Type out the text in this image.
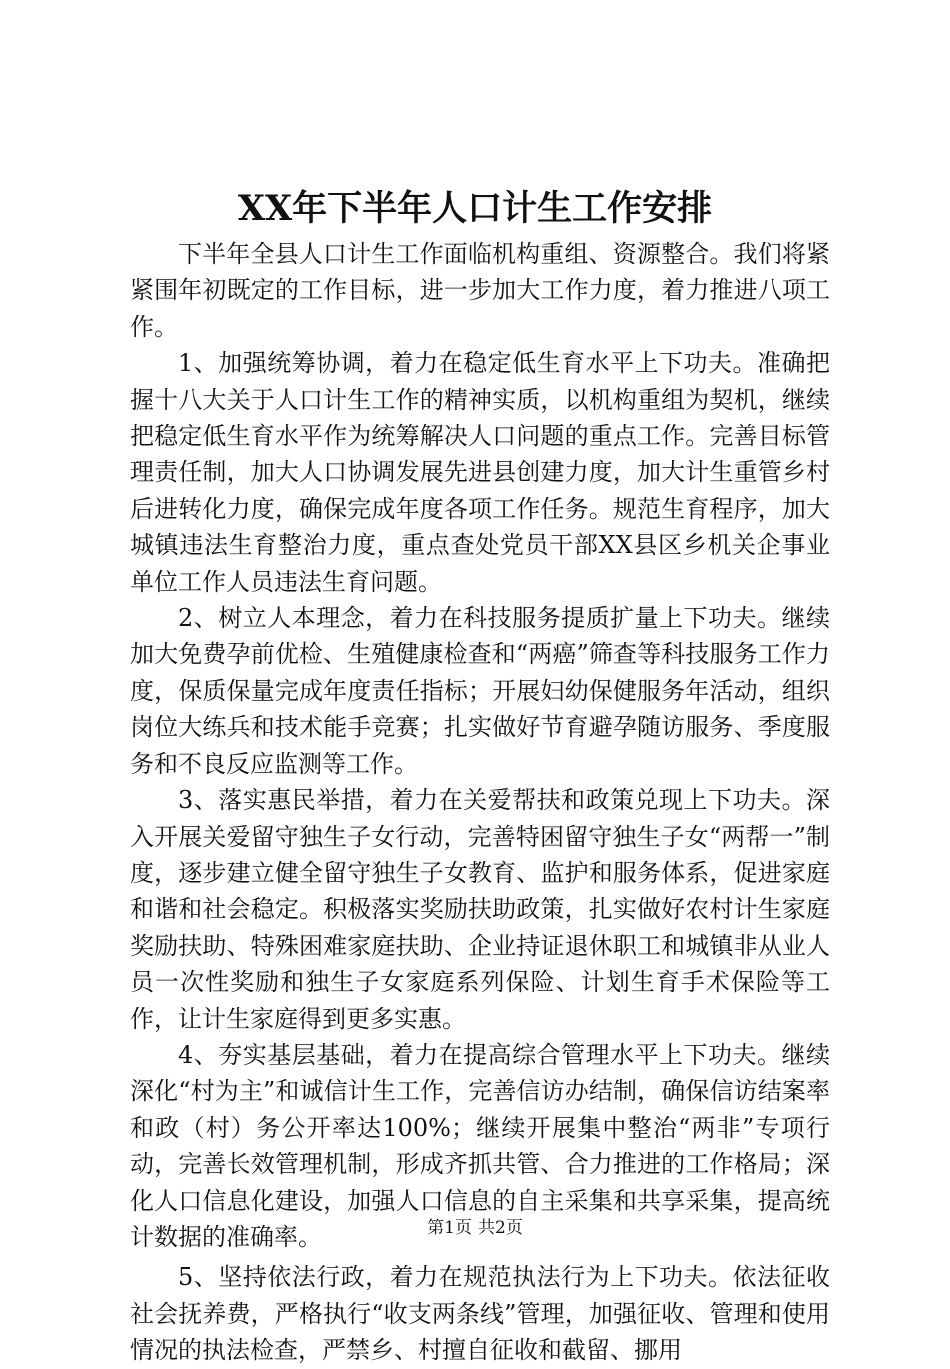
XX年下半年人口计生工作安排

下半年全县人口计生工作面临机构重组、资源整合。我们将紧紧围年初既定的工作目标，进一步加大工作力度，着力推进八项工作。

1、加强统筹协调，着力在稳定低生育水平上下功夫。准确把握十八大关于人口计生工作的精神实质，以机构重组为契机，继续把稳定低生育水平作为统筹解决人口问题的重点工作。完善目标管理责任制，加大人口协调发展先进县创建力度，加大计生重管乡村后进转化力度，确保完成年度各项工作任务。规范生育程序，加大城镇违法生育整治力度，重点查处党员干部XX县区乡机关企事业单位工作人员违法生育问题。

2、树立人本理念，着力在科技服务提质扩量上下功夫。继续加大免费孕前优检、生殖健康检查和“两癌”筛查等科技服务工作力度，保质保量完成年度责任指标；开展妇幼保健服务年活动，组织岗位大练兵和技术能手竞赛；扎实做好节育避孕随访服务、季度服务和不良反应监测等工作。

3、落实惠民举措，着力在关爱帮扶和政策兑现上下功夫。深入开展关爱留守独生子女行动，完善特困留守独生子女“两帮一”制度，逐步建立健全留守独生子女教育、监护和服务体系，促进家庭和谐和社会稳定。积极落实奖励扶助政策，扎实做好农村计生家庭奖励扶助、特殊困难家庭扶助、企业持证退休职工和城镇非从业人员一次性奖励和独生子女家庭系列保险、计划生育手术保险等工作，让计生家庭得到更多实惠。

4、夯实基层基础，着力在提高综合管理水平上下功夫。继续深化“村为主”和诚信计生工作，完善信访办结制，确保信访结案率和政（村）务公开率达100%；继续开展集中整治“两非”专项行动，完善长效管理机制，形成齐抓共管、合力推进的工作格局；深化人口信息化建设，加强人口信息的自主采集和共享采集，提高统计数据的准确率。

5、坚持依法行政，着力在规范执法行为上下功夫。依法征收社会抚养费，严格执行“收支两条线”管理，加强征收、管理和使用情况的执法检查，严禁乡、村擅自征收和截留、挪用

第1页 共2页
